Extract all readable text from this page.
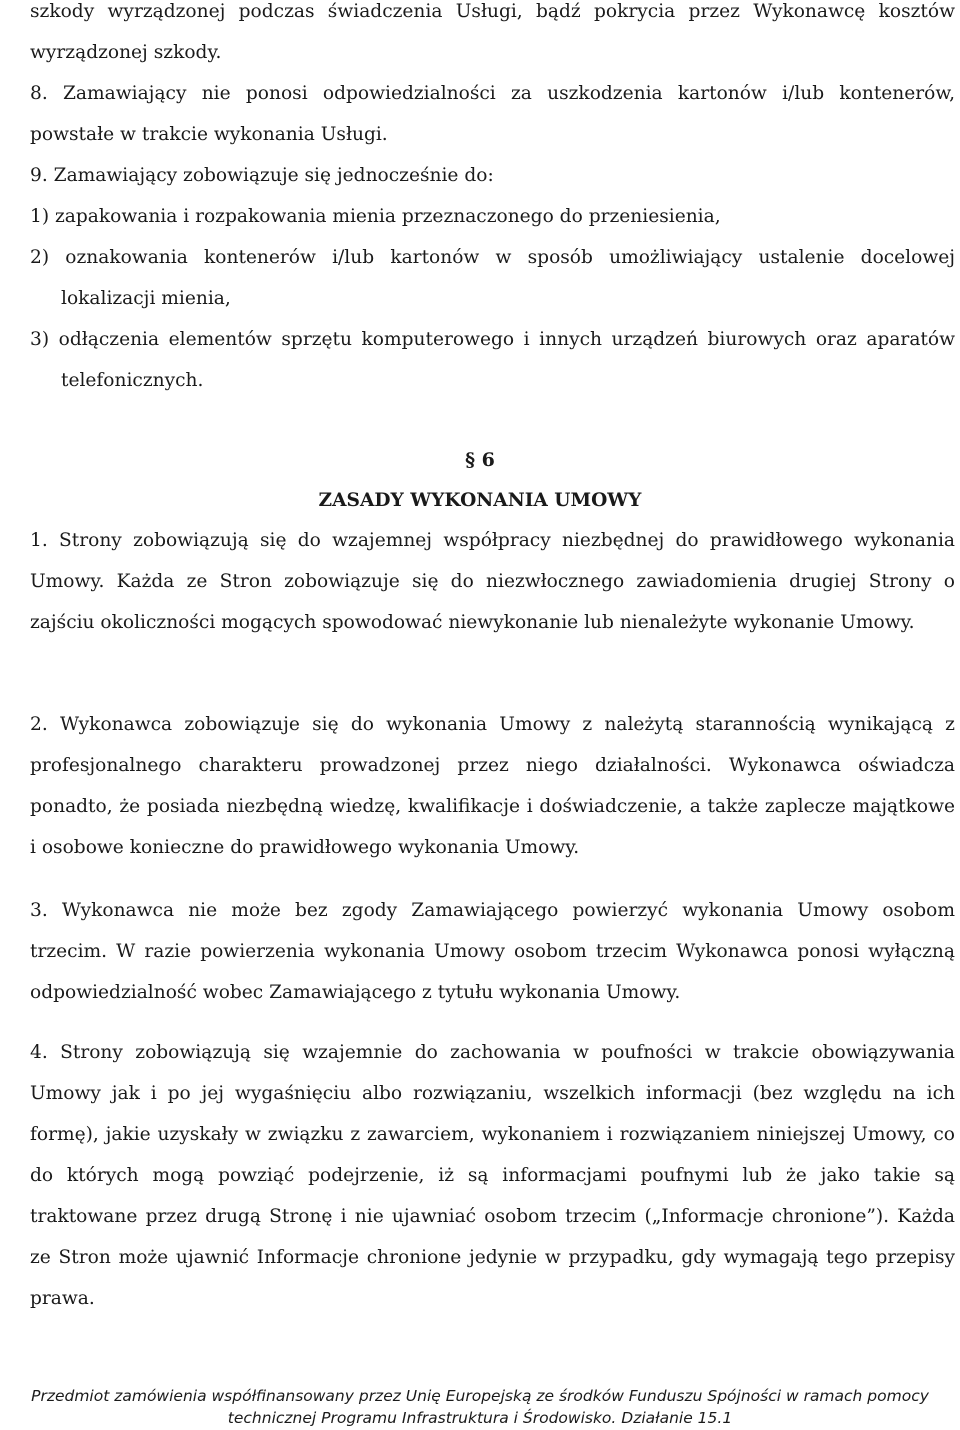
szkody wyrządzonej podczas świadczenia Usługi, bądź pokrycia przez Wykonawcę kosztów wyrządzonej szkody.

8. Zamawiający nie ponosi odpowiedzialności za uszkodzenia kartonów i/lub kontenerów, powstałe w trakcie wykonania Usługi.

9. Zamawiający zobowiązuje się jednocześnie do:

1) zapakowania i rozpakowania mienia przeznaczonego do przeniesienia,
2) oznakowania kontenerów i/lub kartonów w sposób umożliwiający ustalenie docelowej lokalizacji mienia,
3) odłączenia elementów sprzętu komputerowego i innych urządzeń biurowych oraz aparatów telefonicznych.
§ 6
ZASADY WYKONANIA UMOWY

1. Strony zobowiązują się do wzajemnej współpracy niezbędnej do prawidłowego wykonania Umowy. Każda ze Stron zobowiązuje się do niezwłocznego zawiadomienia drugiej Strony o zajściu okoliczności mogących spowodować niewykonanie lub nienależyte wykonanie Umowy.

2. Wykonawca zobowiązuje się do wykonania Umowy z należytą starannością wynikającą z profesjonalnego charakteru prowadzonej przez niego działalności. Wykonawca oświadcza ponadto, że posiada niezbędną wiedzę, kwalifikacje i doświadczenie, a także zaplecze majątkowe i osobowe konieczne do prawidłowego wykonania Umowy.

3. Wykonawca nie może bez zgody Zamawiającego powierzyć wykonania Umowy osobom trzecim. W razie powierzenia wykonania Umowy osobom trzecim Wykonawca ponosi wyłączną odpowiedzialność wobec Zamawiającego z tytułu wykonania Umowy.

4. Strony zobowiązują się wzajemnie do zachowania w poufności w trakcie obowiązywania Umowy jak i po jej wygaśnięciu albo rozwiązaniu, wszelkich informacji (bez względu na ich formę), jakie uzyskały w związku z zawarciem, wykonaniem i rozwiązaniem niniejszej Umowy, co do których mogą powziąć podejrzenie, iż są informacjami poufnymi lub że jako takie są traktowane przez drugą Stronę i nie ujawniać osobom trzecim („Informacje chronione”). Każda ze Stron może ujawnić Informacje chronione jedynie w przypadku, gdy wymagają tego przepisy prawa.

Przedmiot zamówienia współfinansowany przez Unię Europejską ze środków Funduszu Spójności w ramach pomocy
technicznej Programu Infrastruktura i Środowisko. Działanie 15.1
